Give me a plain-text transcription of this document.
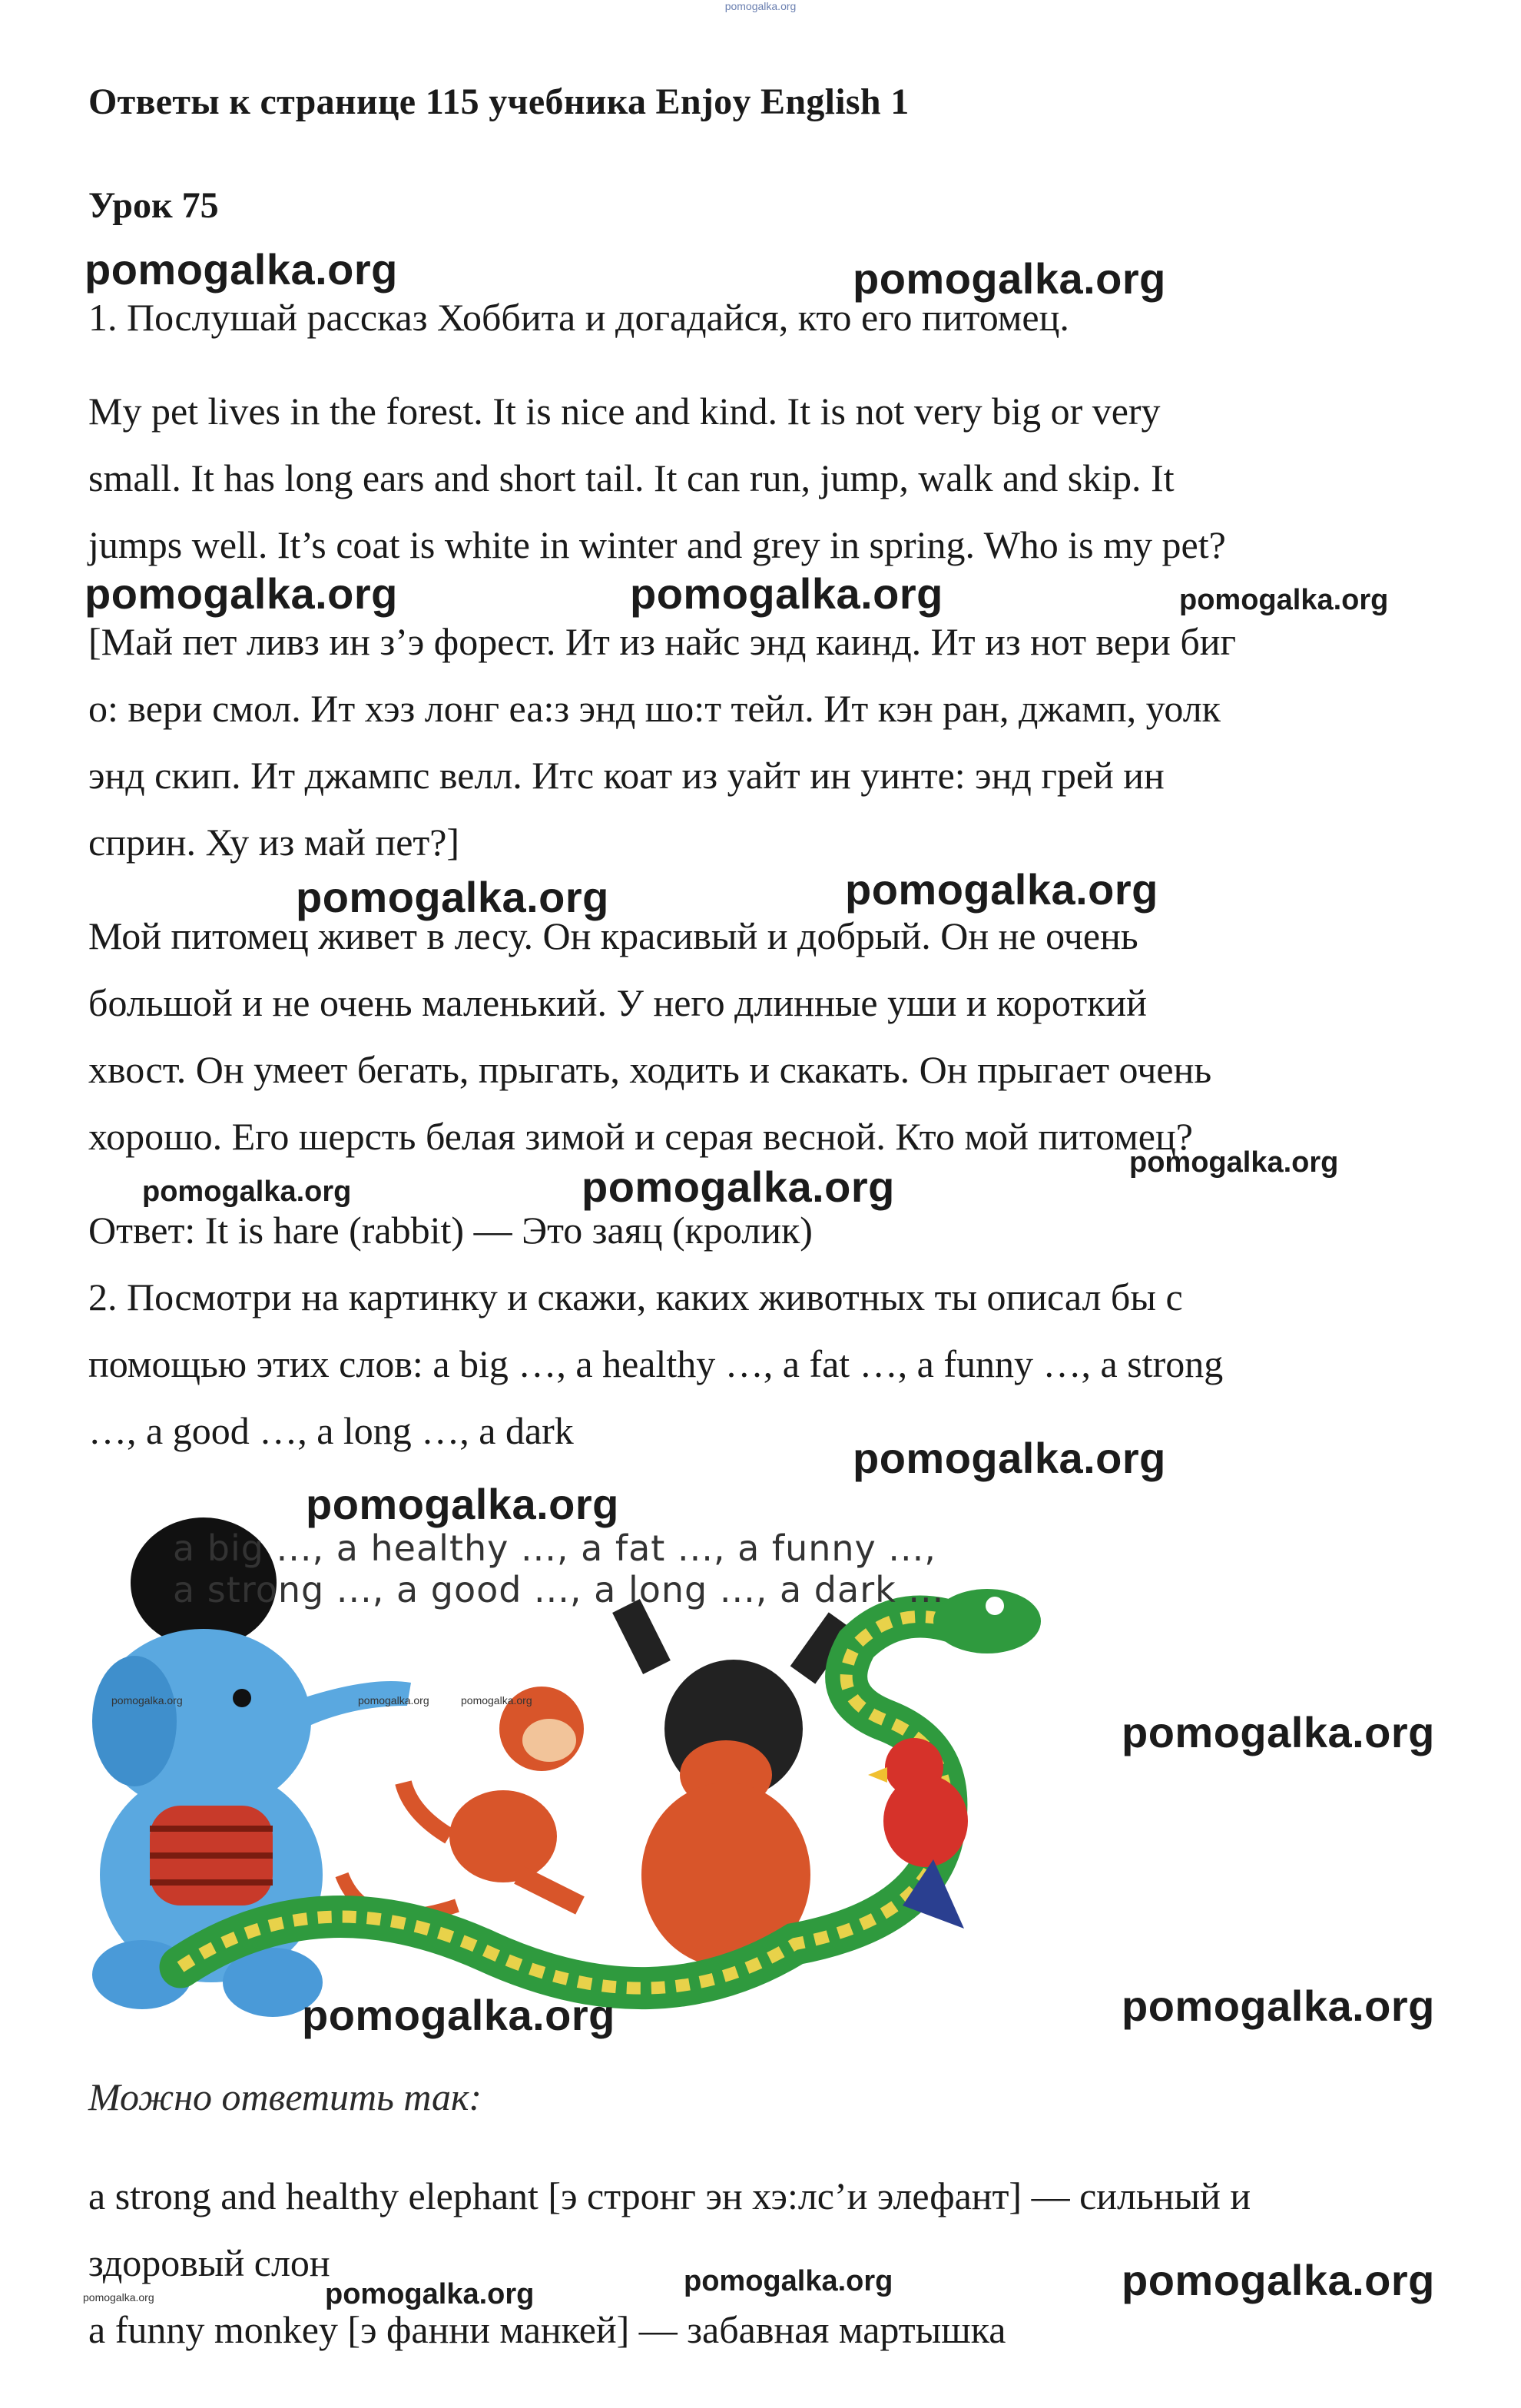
pomogalka.org
Ответы к странице 115 учебника Enjoy English 1
Урок 75
1. Послушай рассказ Хоббита и догадайся, кто его питомец.
My pet lives in the forest. It is nice and kind. It is not very big or very
small. It has long ears and short tail. It can run, jump, walk and skip. It
jumps well. It’s coat is white in winter and grey in spring. Who is my pet?
[Май пет ливз ин з’э форест. Ит из найс энд каинд. Ит из нот вери биг
о: вери смол. Ит хэз лонг еа:з энд шо:т тейл. Ит кэн ран, джамп, уолк
энд скип. Ит джампс велл. Итс коат из уайт ин уинте: энд грей ин
сприн. Ху из май пет?]
Мой питомец живет в лесу. Он красивый и добрый. Он не очень
большой и не очень маленький. У него длинные уши и короткий
хвост. Он умеет бегать, прыгать, ходить и скакать. Он прыгает очень
хорошо. Его шерсть белая зимой и серая весной. Кто мой питомец?
Ответ: It is hare (rabbit) — Это заяц (кролик)
2. Посмотри на картинку и скажи, каких животных ты описал бы с
помощью этих слов: a big …, a healthy …, a fat …, a funny …, a strong
…, a good …, a long …, a dark
a big ..., a healthy ..., a fat ..., a funny ...,
a strong ..., a good ..., a long ..., a dark ...
Можно ответить так:
a strong and healthy elephant [э стронг эн хэ:лс’и элефант] — сильный и
здоровый слон
a funny monkey [э фанни манкей] — забавная мартышка
pomogalka.org	pomogalka.org
pomogalka.org	pomogalka.org	pomogalka.org
pomogalka.org	pomogalka.org
pomogalka.org	pomogalka.org	pomogalka.org
pomogalka.org
pomogalka.org
pomogalka.org
pomogalka.org	pomogalka.org
pomogalka.org	pomogalka.org	pomogalka.org
pomogalka.org
pomogalka.org	pomogalka.org	pomogalka.org
